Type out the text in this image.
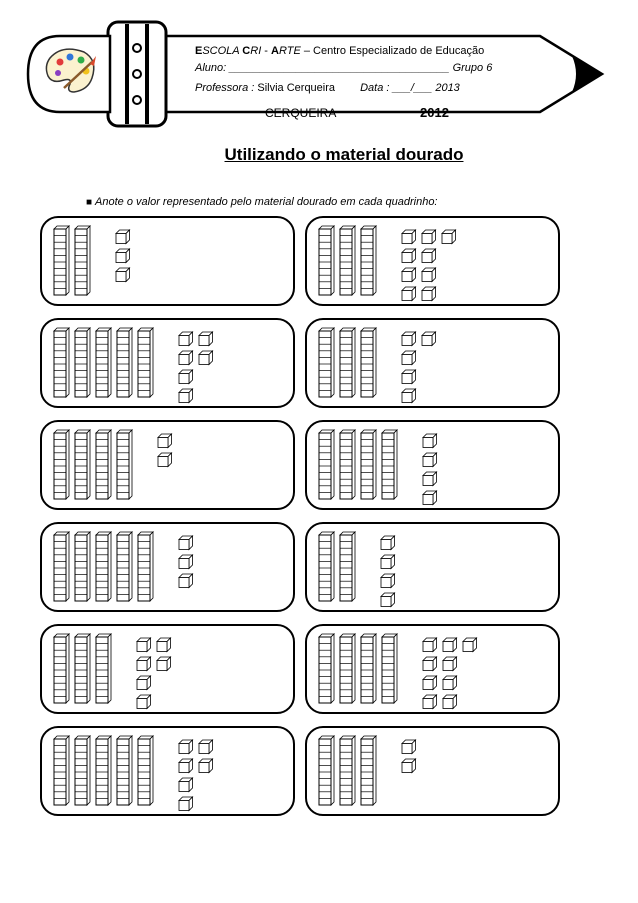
ESCOLA CRI - ARTE – Centro Especializado de Educação
Aluno: ____________________________________ Grupo 6
Professora : Silvia Cerqueira Data : ___/___ 2013
CERQUEIRA	2012
Utilizando o material dourado
■ Anote o valor representado pelo material dourado em cada quadrinho:
